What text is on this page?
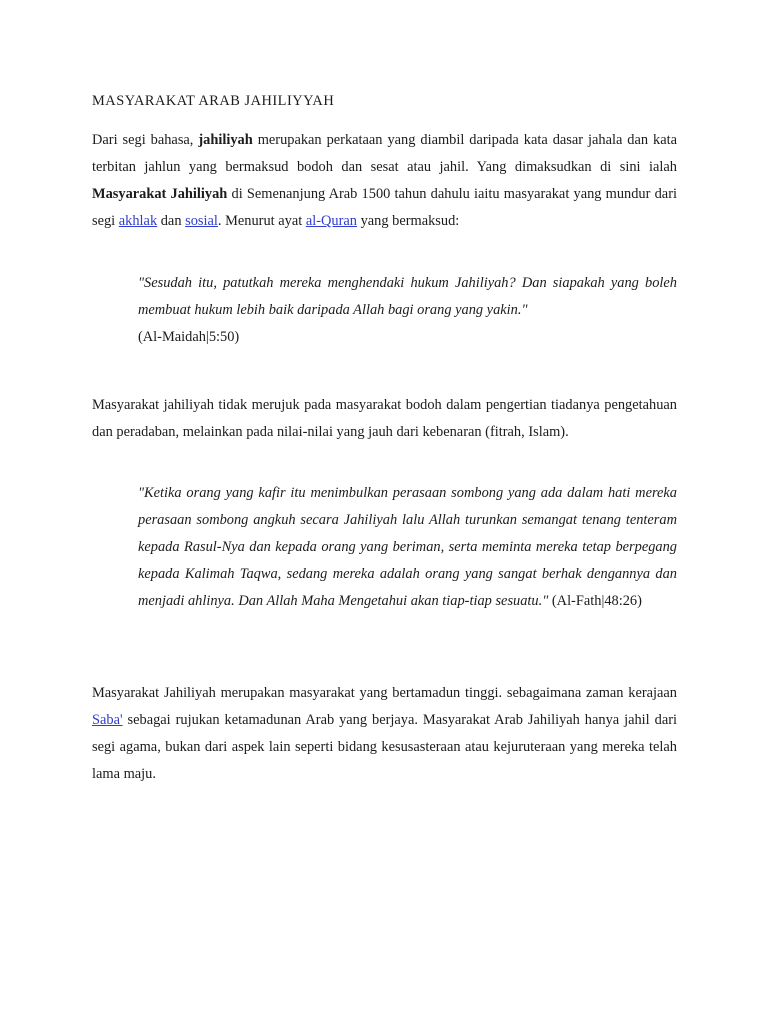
MASYARAKAT ARAB JAHILIYYAH
Dari segi bahasa, jahiliyah merupakan perkataan yang diambil daripada kata dasar jahala dan kata terbitan jahlun yang bermaksud bodoh dan sesat atau jahil. Yang dimaksudkan di sini ialah Masyarakat Jahiliyah di Semenanjung Arab 1500 tahun dahulu iaitu masyarakat yang mundur dari segi akhlak dan sosial. Menurut ayat al-Quran yang bermaksud:
"Sesudah itu, patutkah mereka menghendaki hukum Jahiliyah? Dan siapakah yang boleh membuat hukum lebih baik daripada Allah bagi orang yang yakin."
(Al-Maidah|5:50)
Masyarakat jahiliyah tidak merujuk pada masyarakat bodoh dalam pengertian tiadanya pengetahuan dan peradaban, melainkan pada nilai-nilai yang jauh dari kebenaran (fitrah, Islam).
"Ketika orang yang kafir itu menimbulkan perasaan sombong yang ada dalam hati mereka perasaan sombong angkuh secara Jahiliyah lalu Allah turunkan semangat tenang tenteram kepada Rasul-Nya dan kepada orang yang beriman, serta meminta mereka tetap berpegang kepada Kalimah Taqwa, sedang mereka adalah orang yang sangat berhak dengannya dan menjadi ahlinya. Dan Allah Maha Mengetahui akan tiap-tiap sesuatu." (Al-Fath|48:26)
Masyarakat Jahiliyah merupakan masyarakat yang bertamadun tinggi. sebagaimana zaman kerajaan Saba' sebagai rujukan ketamadunan Arab yang berjaya. Masyarakat Arab Jahiliyah hanya jahil dari segi agama, bukan dari aspek lain seperti bidang kesusasteraan atau kejuruteraan yang mereka telah lama maju.
